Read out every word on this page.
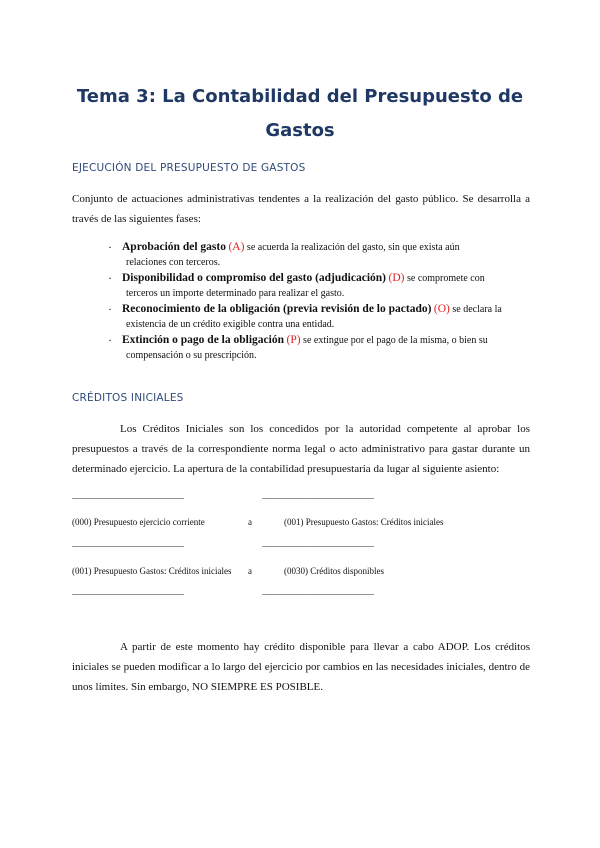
Tema 3: La Contabilidad del Presupuesto de Gastos
EJECUCIÓN DEL PRESUPUESTO DE GASTOS

Conjunto de actuaciones administrativas tendentes a la realización del gasto público. Se desarrolla a través de las siguientes fases:

· Aprobación del gasto (A) se acuerda la realización del gasto, sin que exista aún
relaciones con terceros.
· Disponibilidad o compromiso del gasto (adjudicación) (D) se compromete con
terceros un importe determinado para realizar el gasto.
· Reconocimiento de la obligación (previa revisión de lo pactado) (O) se declara la
existencia de un crédito exigible contra una entidad.
· Extinción o pago de la obligación (P) se extingue por el pago de la misma, o bien su
compensación o su prescripción.
CRÉDITOS INICIALES

Los Créditos Iniciales son los concedidos por la autoridad competente al aprobar los presupuestos a través de la correspondiente norma legal o acto administrativo para gastar durante un determinado ejercicio. La apertura de la contabilidad presupuestaria da lugar al siguiente asiento:

-------------------------------------------------------------	-------------------------------------------------------------
(000) Presupuesto ejercicio corriente	a	(001) Presupuesto Gastos: Créditos iniciales
-------------------------------------------------------------	-------------------------------------------------------------
(001) Presupuesto Gastos: Créditos iniciales a	(0030) Créditos disponibles
-------------------------------------------------------------	-------------------------------------------------------------

A partir de este momento hay crédito disponible para llevar a cabo ADOP. Los créditos iniciales se pueden modificar a lo largo del ejercicio por cambios en las necesidades iniciales, dentro de unos límites. Sin embargo, NO SIEMPRE ES POSIBLE.
